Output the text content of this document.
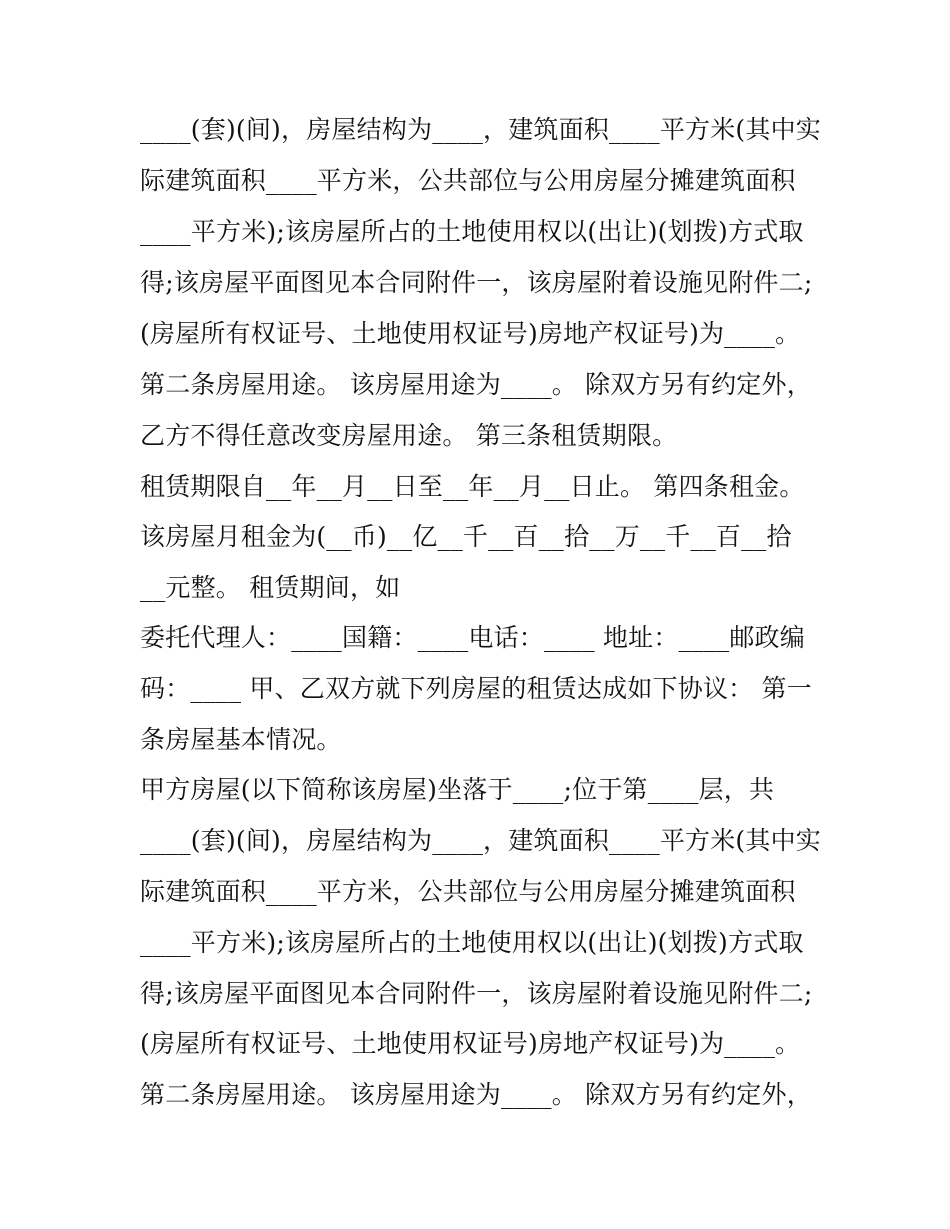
____(套)(间)，房屋结构为____，建筑面积____平方米(其中实
际建筑面积____平方米，公共部位与公用房屋分摊建筑面积
____平方米);该房屋所占的土地使用权以(出让)(划拨)方式取
得;该房屋平面图见本合同附件一，该房屋附着设施见附件二;
(房屋所有权证号、土地使用权证号)房地产权证号)为____。
第二条房屋用途。 该房屋用途为____。 除双方另有约定外，
乙方不得任意改变房屋用途。 第三条租赁期限。
租赁期限自__年__月__日至__年__月__日止。 第四条租金。
该房屋月租金为(__币)__亿__千__百__拾__万__千__百__拾
__元整。 租赁期间，如
委托代理人：____国籍：____电话：____ 地址：____邮政编
码：____ 甲、乙双方就下列房屋的租赁达成如下协议： 第一
条房屋基本情况。
甲方房屋(以下简称该房屋)坐落于____;位于第____层，共
____(套)(间)，房屋结构为____，建筑面积____平方米(其中实
际建筑面积____平方米，公共部位与公用房屋分摊建筑面积
____平方米);该房屋所占的土地使用权以(出让)(划拨)方式取
得;该房屋平面图见本合同附件一，该房屋附着设施见附件二;
(房屋所有权证号、土地使用权证号)房地产权证号)为____。
第二条房屋用途。 该房屋用途为____。 除双方另有约定外，
